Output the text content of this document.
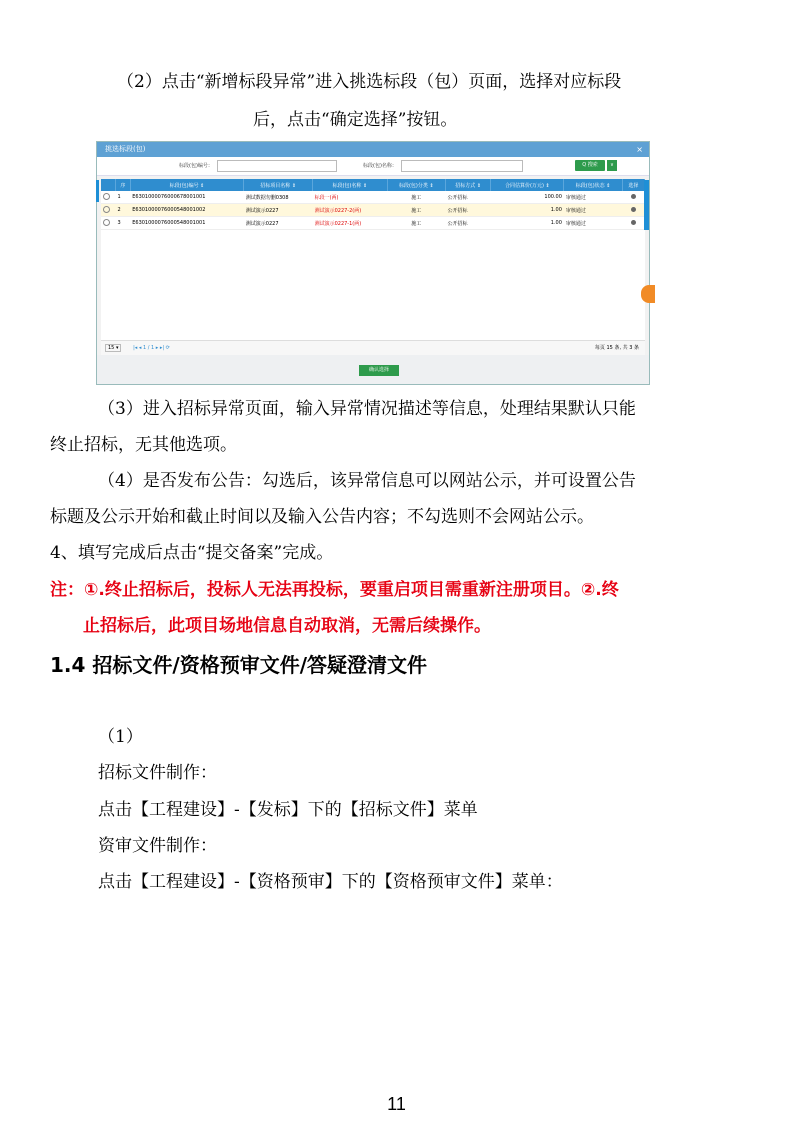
（2）点击“新增标段异常”进入挑选标段（包）页面，选择对应标段
后，点击“确定选择”按钮。
挑选标段(包)	×
标段(包)编号：	标段(包)名称：	Q 搜索	∨
	序	标段(包)编号 ⇕	招标项目名称 ⇕	标段(包)名称 ⇕	标段(包)分类 ⇕	招标方式 ⇕	合同估算价(万元) ⇕	标段(包)状态 ⇕	选择
	1	E6301000076000678001001	测试数据勿删0308	标段一(两)	施工	公开招标	100.00	审核通过	
	2	E6301000076000548001002	测试演示0227	测试演示0227-2(两)	施工	公开招标	1.00	审核通过	
	3	E6301000076000548001001	测试演示0227	测试演示0227-1(两)	施工	公开招标	1.00	审核通过	
15 ▾	|◂ ◂ 1 / 1 ▸ ▸| ⟳	每页 15 条, 共 3 条
确认选择
（3）进入招标异常页面，输入异常情况描述等信息，处理结果默认只能
终止招标，无其他选项。
（4）是否发布公告：勾选后，该异常信息可以网站公示，并可设置公告
标题及公示开始和截止时间以及输入公告内容；不勾选则不会网站公示。
4、填写完成后点击“提交备案”完成。
注：①.终止招标后，投标人无法再投标，要重启项目需重新注册项目。②.终
止招标后，此项目场地信息自动取消，无需后续操作。
1.4 招标文件/资格预审文件/答疑澄清文件
（1）
招标文件制作：
点击【工程建设】-【发标】下的【招标文件】菜单
资审文件制作：
点击【工程建设】-【资格预审】下的【资格预审文件】菜单：
11
